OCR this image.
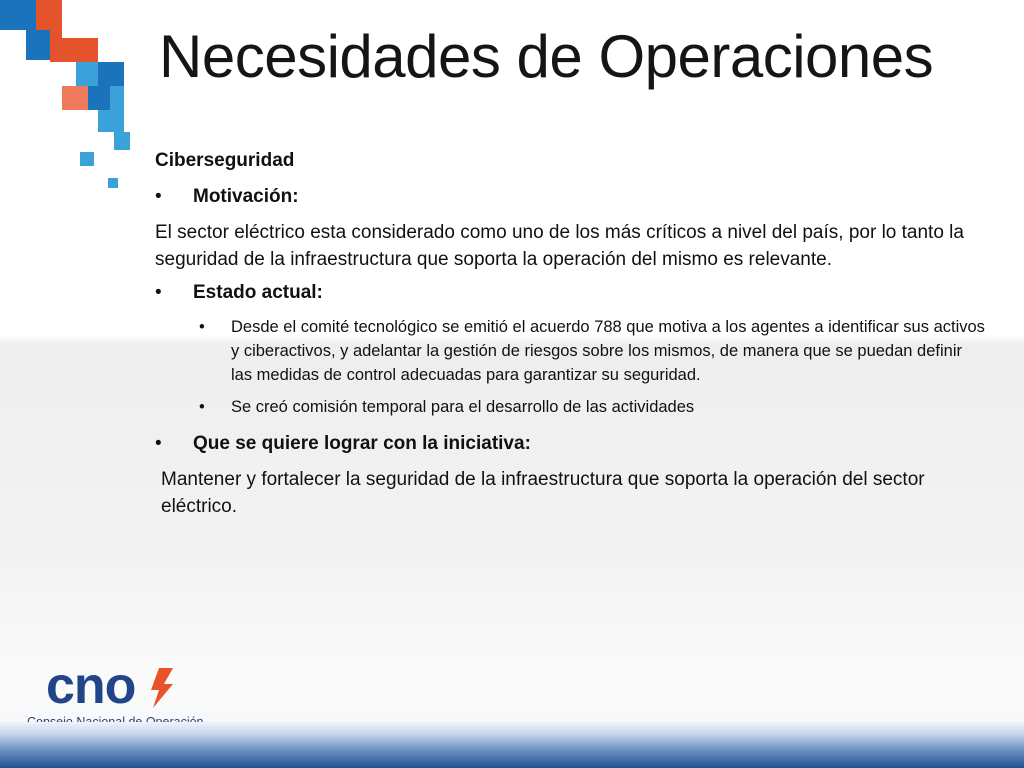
Necesidades de Operaciones
Ciberseguridad
•	Motivación:

El sector eléctrico esta considerado como uno de los más críticos a nivel del país, por lo tanto la seguridad de la infraestructura que soporta la operación del mismo es relevante.

•	Estado actual:
•	Desde el comité tecnológico se emitió el acuerdo 788 que motiva a los agentes a identificar sus activos y ciberactivos, y adelantar la gestión de riesgos sobre los mismos, de manera que se puedan definir las medidas de control adecuadas para garantizar su seguridad.
•	Se creó comisión temporal para el desarrollo de las actividades
•	Que se quiere lograr con la iniciativa:

Mantener y fortalecer la seguridad de la infraestructura que soporta la operación del sector eléctrico.

cno
